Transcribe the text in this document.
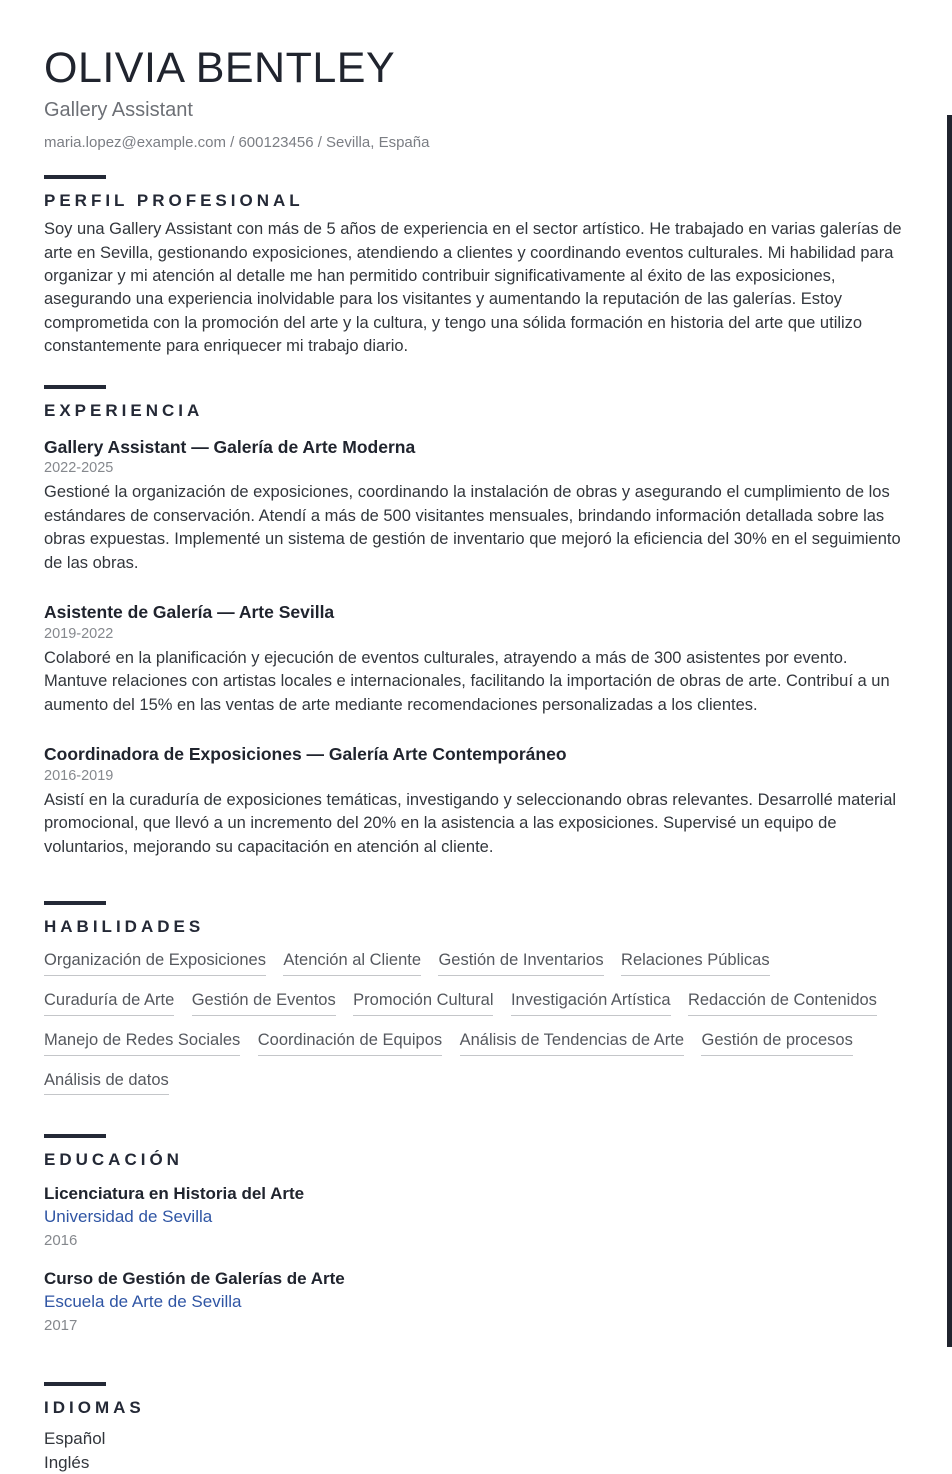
OLIVIA BENTLEY
Gallery Assistant
maria.lopez@example.com / 600123456 / Sevilla, España
PERFIL PROFESIONAL
Soy una Gallery Assistant con más de 5 años de experiencia en el sector artístico. He trabajado en varias galerías de arte en Sevilla, gestionando exposiciones, atendiendo a clientes y coordinando eventos culturales. Mi habilidad para organizar y mi atención al detalle me han permitido contribuir significativamente al éxito de las exposiciones, asegurando una experiencia inolvidable para los visitantes y aumentando la reputación de las galerías. Estoy comprometida con la promoción del arte y la cultura, y tengo una sólida formación en historia del arte que utilizo constantemente para enriquecer mi trabajo diario.
EXPERIENCIA
Gallery Assistant — Galería de Arte Moderna
2022-2025
Gestioné la organización de exposiciones, coordinando la instalación de obras y asegurando el cumplimiento de los estándares de conservación. Atendí a más de 500 visitantes mensuales, brindando información detallada sobre las obras expuestas. Implementé un sistema de gestión de inventario que mejoró la eficiencia del 30% en el seguimiento de las obras.
Asistente de Galería — Arte Sevilla
2019-2022
Colaboré en la planificación y ejecución de eventos culturales, atrayendo a más de 300 asistentes por evento. Mantuve relaciones con artistas locales e internacionales, facilitando la importación de obras de arte. Contribuí a un aumento del 15% en las ventas de arte mediante recomendaciones personalizadas a los clientes.
Coordinadora de Exposiciones — Galería Arte Contemporáneo
2016-2019
Asistí en la curaduría de exposiciones temáticas, investigando y seleccionando obras relevantes. Desarrollé material promocional, que llevó a un incremento del 20% en la asistencia a las exposiciones. Supervisé un equipo de voluntarios, mejorando su capacitación en atención al cliente.
HABILIDADES
Organización de Exposiciones Atención al Cliente Gestión de Inventarios Relaciones Públicas Curaduría de Arte Gestión de Eventos Promoción Cultural Investigación Artística Redacción de Contenidos Manejo de Redes Sociales Coordinación de Equipos Análisis de Tendencias de Arte Gestión de procesos Análisis de datos
EDUCACIÓN
Licenciatura en Historia del Arte
Universidad de Sevilla
2016
Curso de Gestión de Galerías de Arte
Escuela de Arte de Sevilla
2017
IDIOMAS
Español
Inglés
